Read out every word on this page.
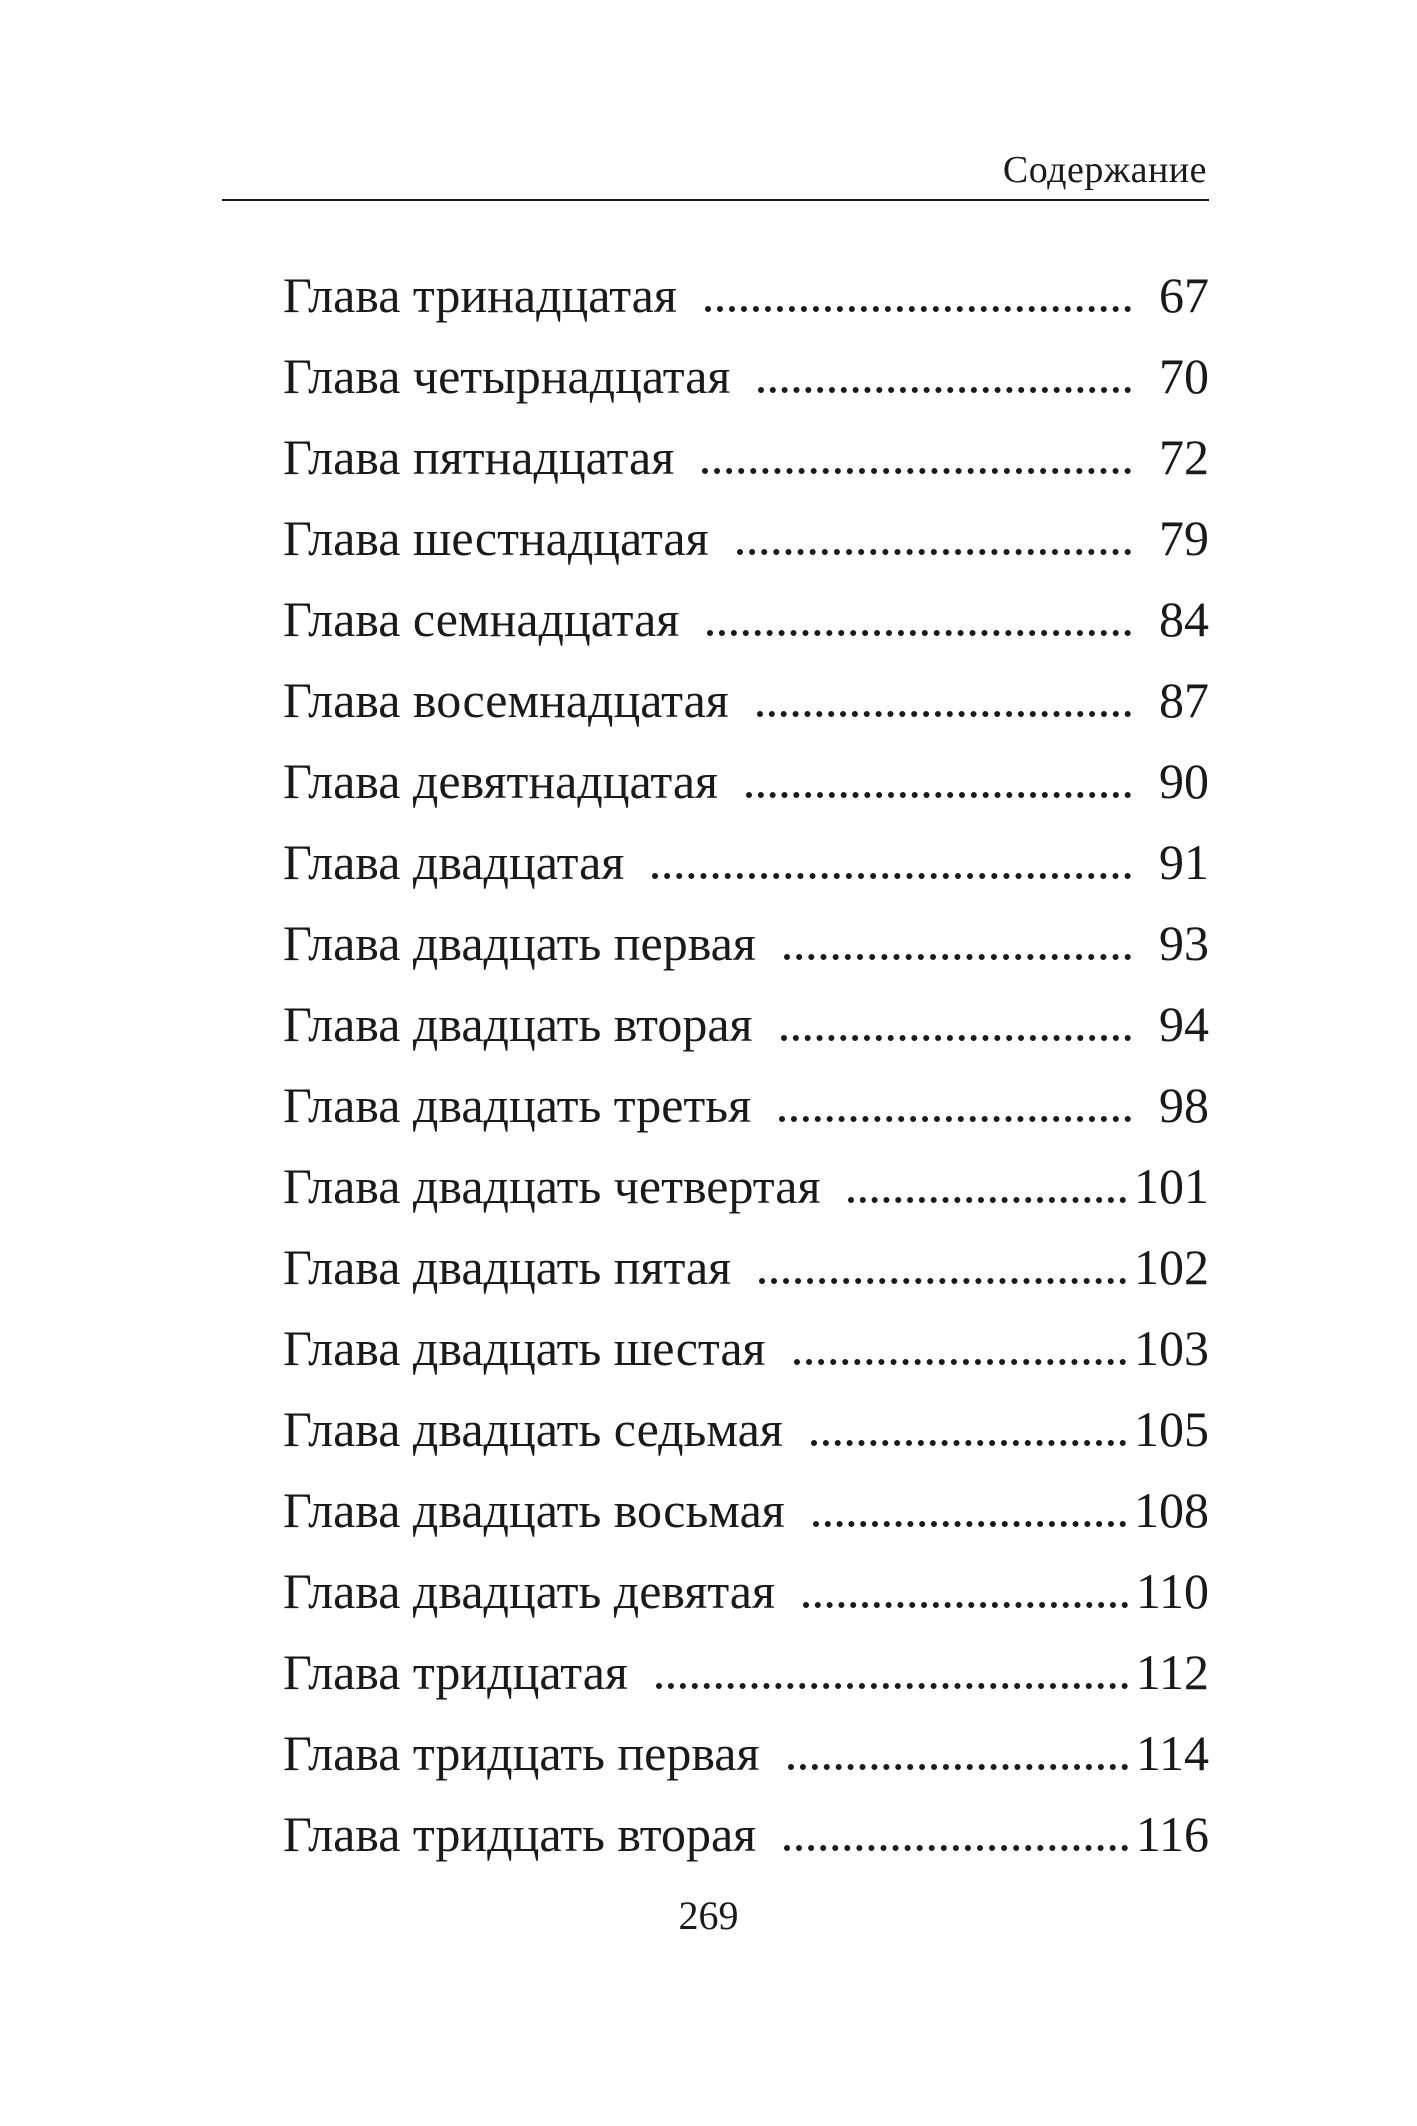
Содержание
Глава тринадцатая	67
Глава четырнадцатая	70
Глава пятнадцатая	72
Глава шестнадцатая	79
Глава семнадцатая	84
Глава восемнадцатая	87
Глава девятнадцатая	90
Глава двадцатая	91
Глава двадцать первая	93
Глава двадцать вторая	94
Глава двадцать третья	98
Глава двадцать четвертая	101
Глава двадцать пятая	102
Глава двадцать шестая	103
Глава двадцать седьмая	105
Глава двадцать восьмая	108
Глава двадцать девятая	110
Глава тридцатая	112
Глава тридцать первая	114
Глава тридцать вторая	116
269
